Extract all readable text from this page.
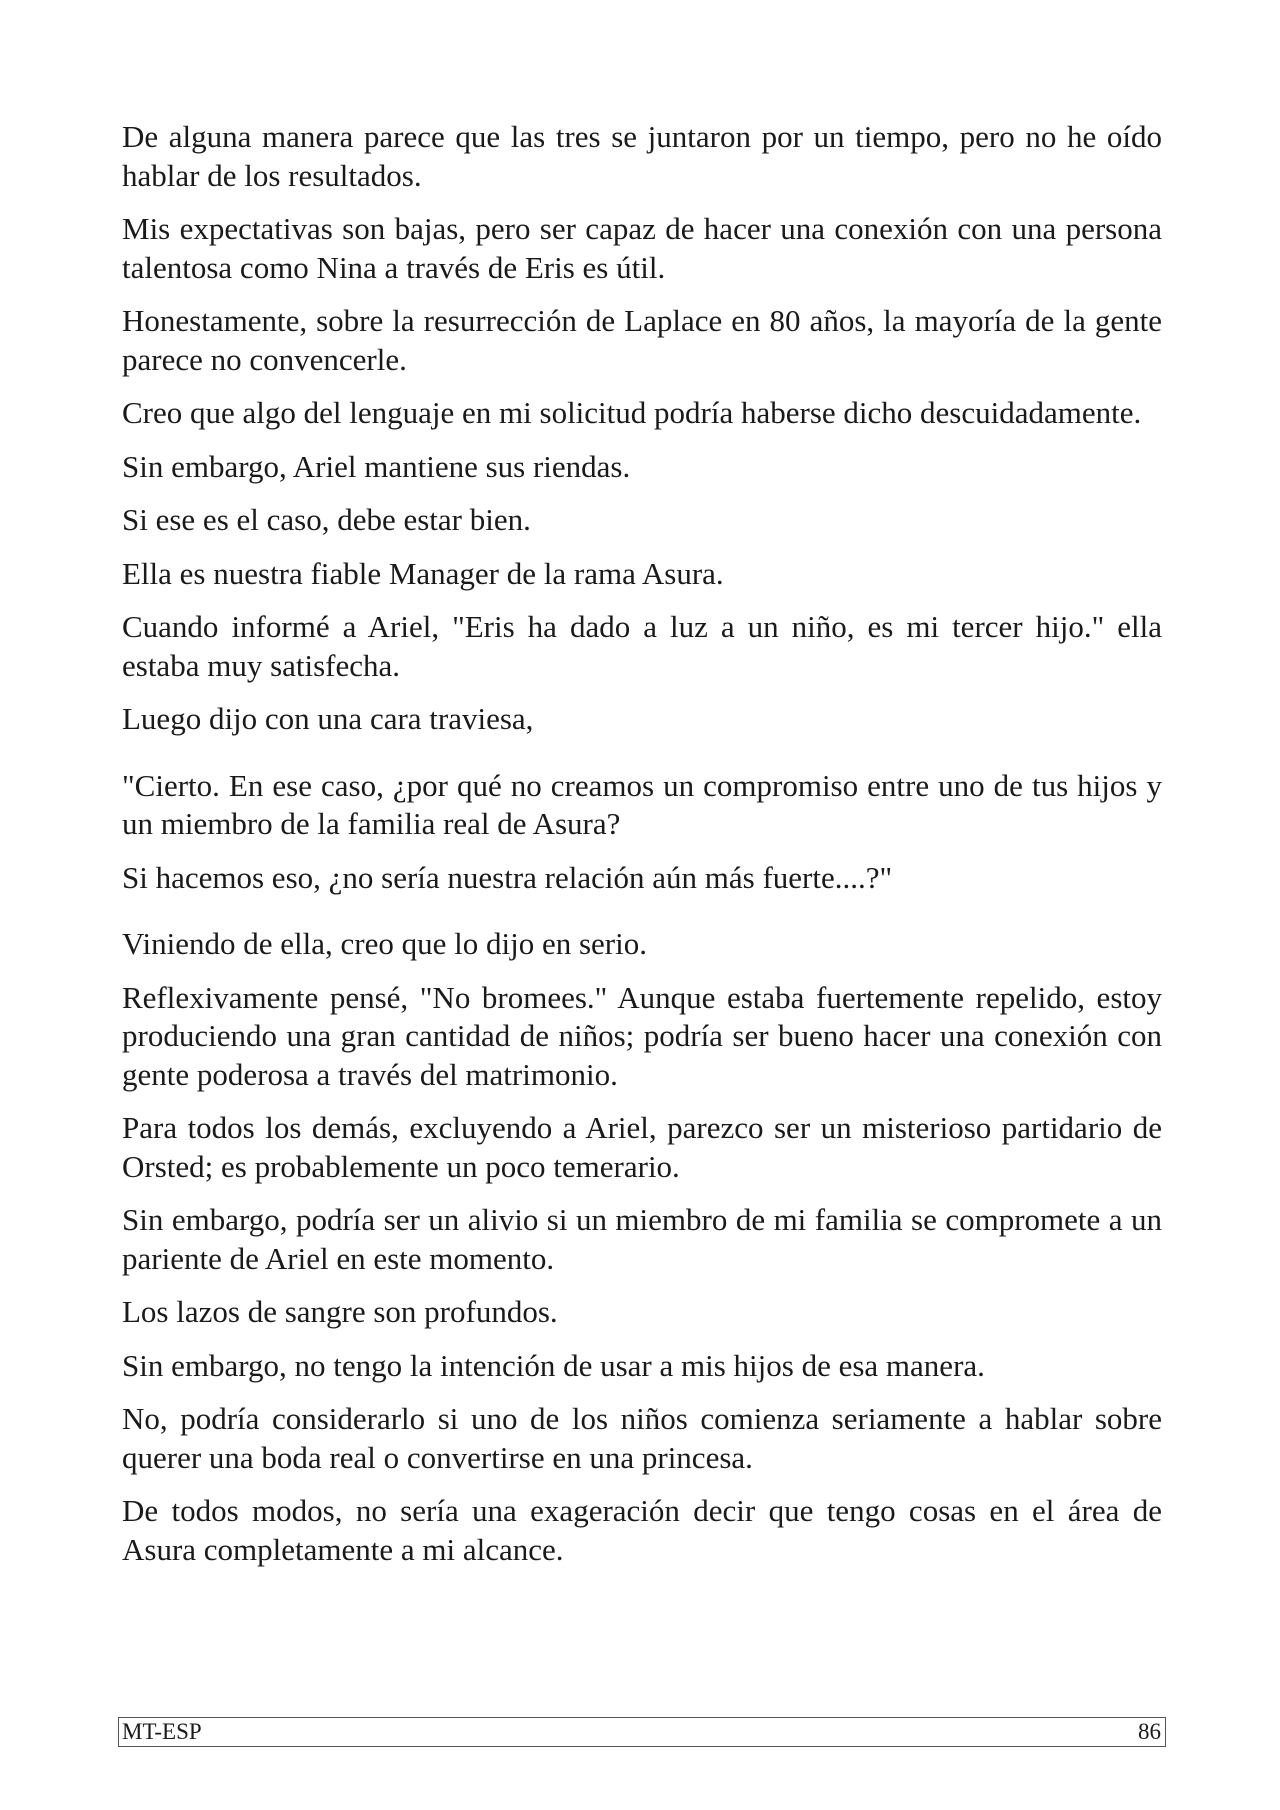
De alguna manera parece que las tres se juntaron por un tiempo, pero no he oído hablar de los resultados.

Mis expectativas son bajas, pero ser capaz de hacer una conexión con una persona talentosa como Nina a través de Eris es útil.

Honestamente, sobre la resurrección de Laplace en 80 años, la mayoría de la gente parece no convencerle.

Creo que algo del lenguaje en mi solicitud podría haberse dicho descuidadamente.

Sin embargo, Ariel mantiene sus riendas.

Si ese es el caso, debe estar bien.

Ella es nuestra fiable Manager de la rama Asura.

Cuando informé a Ariel, "Eris ha dado a luz a un niño, es mi tercer hijo." ella estaba muy satisfecha.

Luego dijo con una cara traviesa,

"Cierto. En ese caso, ¿por qué no creamos un compromiso entre uno de tus hijos y un miembro de la familia real de Asura?

Si hacemos eso, ¿no sería nuestra relación aún más fuerte....?"

Viniendo de ella, creo que lo dijo en serio.

Reflexivamente pensé, "No bromees." Aunque estaba fuertemente repelido, estoy produciendo una gran cantidad de niños; podría ser bueno hacer una conexión con gente poderosa a través del matrimonio.

Para todos los demás, excluyendo a Ariel, parezco ser un misterioso partidario de Orsted; es probablemente un poco temerario.

Sin embargo, podría ser un alivio si un miembro de mi familia se compromete a un pariente de Ariel en este momento.

Los lazos de sangre son profundos.

Sin embargo, no tengo la intención de usar a mis hijos de esa manera.

No, podría considerarlo si uno de los niños comienza seriamente a hablar sobre querer una boda real o convertirse en una princesa.

De todos modos, no sería una exageración decir que tengo cosas en el área de Asura completamente a mi alcance.

MT-ESP	86
